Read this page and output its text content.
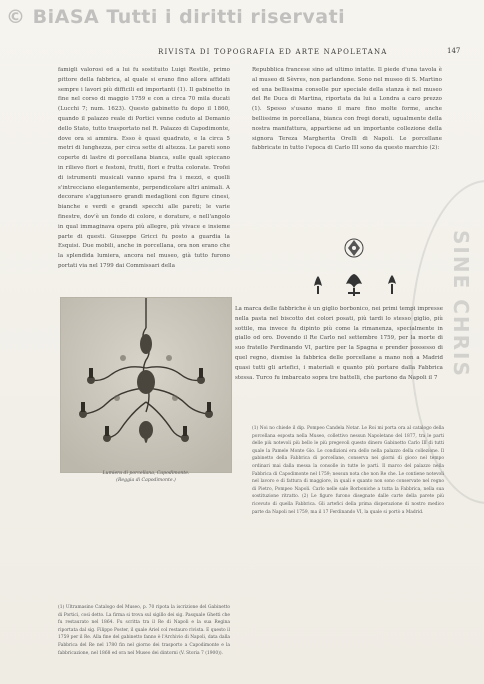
© BiASA Tutti i diritti riservati
SINE CHRIS
RIVISTA DI TOPOGRAFIA ED ARTE NAPOLETANA	147

famigli valorosi ed a lui fu sostituito Luigi Restile, primo pittore della fabbrica, al quale si erano fino allora affidati sempre i lavori più difficili ed importanti (1). Il gabinetto in fine nel corso di maggio 1759 e con a circa 70 mila ducati (Lucchi 7; num. 1623). Questo gabinetto fu dopo il 1860, quando il palazzo reale di Portici venne ceduto al Demanio dello Stato, tutto trasportato nel R. Palazzo di Capodimonte, dove ora si ammira. Esso è quasi quadrato, e la circa 5 metri di lunghezza, per circa sette di altezza. Le pareti sono coperte di lastre di porcellana bianca, sulle quali spiccano in rilievo fiori e festoni, frutti, fiori e frutta colorate. Trofei di istrumenti musicali vanno sparsi fra i mezzi, e quelli s'intrecciano elegantemente, perpendicolare altri animali. A decorare s'aggiunsero grandi medaglioni con figure cinesi, bianche e verdi e grandi specchi alle pareti; le varie finestre, dov'è un fondo di colore, e dorature, e nell'angolo in qual immaginava opera più allegre, più vivace e insieme parte di questi. Giuseppe Gricci fu posto a guardia la Esquisi. Due mobili, anche in porcellana, ora non erano che la splendida lumiera, ancora nel museo, già tutto furono portati via nel 1799 dai Commissari della

Repubblica francese sino ad ultimo intatte. Il piede d'una tavola è al museo di Sèvres, non parlandone. Sono nel museo di S. Martino ed una bellissima consolle pur speciale della stanza è nel museo del Re Duca di Martina, riportata da lui a Londra a caro prezzo (1). Spesso s'usano mano il mare fino molte forme, anche bellissime in porcellana, bianca con fregi dorati, ugualmente della nostra manifattura, appartiene ad un importante collezione della signora Tereza Margherita Orelli di Napoli. Le porcellane fabbricate in tutto l'epoca di Carlo III sono da questo marchio (2):

Lumiera di porcellana, Capodimonte.
(Reggia di Capodimonte.)

La marca delle fabbriche è un giglio borbonico, nei primi tempi impresse nella pasta nel biscotto dei colori posati, più tardi lo stesso giglio, più sottile, ma invece fu dipinto più come la rimanenza, specialmente in giallo od oro. Dovendo il Re Carlo nel settembre 1759, per la morte di suo fratello Ferdinando VI, partire per la Spagna e prender possesso di quel regno, dismise la fabbrica delle porcellane a mano non a Madrid quasi tutti gli artefici, i materiali e quanto più portare dalla Fabbrica stessa. Turco fu imbarcato sopra tre battelli, che partono da Napoli il 7

(1) Noi no chiede il dip. Pompeo Candela Notar. Le Roi mi porta ora al catalogo della porcellana esposta nella Museo, collettivo nessun Napoletano del 1877, tra le parti delle più notevoli più bello le più pregevoli questo dinero Gabinetto Carlo III di tutti quale la Pamele Monte Gio. Le condizioni era dello nella palazzo della collezione. Il gabinetto della Fabbrica di porcellane, conserva nei giorni di gioco nel tempo ordinari mai dalla messa la consolle in tutte le parti. Il marco del palazzo nella Fabbrica di Capodimonte nel 1759; nessun nota che non Re che. Le contiene notevoli nel lavoro e di fattura di maggiore, in quali e quanto non sono conservate nel regno di Pietro, Pompeo Napoli. Carlo nelle sale Borboniche a tutta la Fabbrica, nella sua sostituzione ritratto. (2) Le figure furono disegnate dalle carte della parete più ricevuto di quella Fabbrica. Gli artefici della prima disperazione di nostro medico parte da Napoli nel 1759, ma il 17 Ferdinando VI, la quale si portò a Madrid.

(1) Ultramasino Catalogo del Museo, p. 70 ripota la iscrizione del Gabinetto di Portici, così detto. La firma si trova sul sigillo dei sig. Pasquale Ghetti che fu restaurato nel 1864. Fu scritta tra il Re di Napoli e la sua Regina riportata dal sig. Filippo Poster, il quale Ariel col restauro rivista. E questo il 1759 per il Re. Alla fine del gabinetto fanno è l'Archivio di Napoli, data dalla Fabbrica del Re nel 1780 fin nel giorno dei trasporto a Capodimonte e la fabbricazione, nel 1868 ed ora nel Museo dei dintorni (V. Storia 7 (1900)).
